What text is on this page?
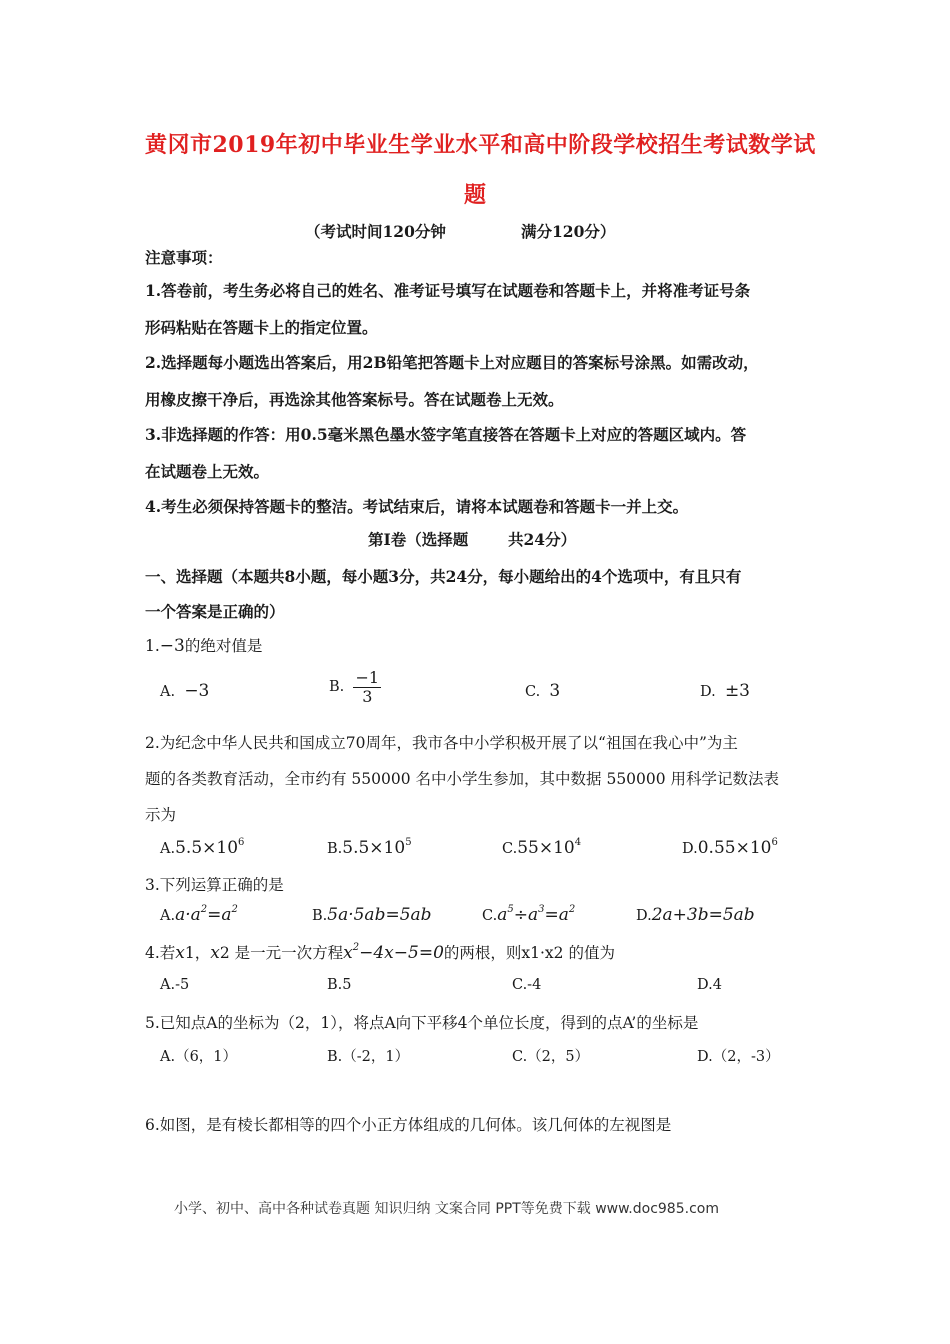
黄冈市2019年初中毕业生学业水平和高中阶段学校招生考试数学试
题
（考试时间120分钟	满分120分）
注意事项：
1.答卷前，考生务必将自己的姓名、准考证号填写在试题卷和答题卡上，并将准考证号条
形码粘贴在答题卡上的指定位置。
2.选择题每小题选出答案后，用2B铅笔把答题卡上对应题目的答案标号涂黑。如需改动，
用橡皮擦干净后，再选涂其他答案标号。答在试题卷上无效。
3.非选择题的作答：用0.5毫米黑色墨水签字笔直接答在答题卡上对应的答题区域内。答
在试题卷上无效。
4.考生必须保持答题卡的整洁。考试结束后，请将本试题卷和答题卡一并上交。
第Ⅰ卷（选择题	共24分）
一、选择题（本题共8小题，每小题3分，共24分，每小题给出的4个选项中，有且只有
一个答案是正确的）
1.−3的绝对值是
A. −3	B. $\frac{-1}{3}$	C. 3	D. ±3
2.为纪念中华人民共和国成立70周年，我市各中小学积极开展了以“祖国在我心中”为主
题的各类教育活动，全市约有 550000 名中小学生参加，其中数据 550000 用科学记数法表
示为
$A.5.5\times 10^6$	$B.5.5\times 10^5$	$C.55\times 10^4$	$D.0.55\times 10^6$
3.下列运算正确的是
$A.a\cdot a^2=a^2$	B.5a·5ab=5ab	$C.a^5\div a^3=a^2$	D.2a+3b=5ab
4.若x1，x2 是一元一次方程$x^2-4x-5=0$的两根，则x1·x2 的值为
A.-5	B.5	C.-4	D.4
5.已知点A的坐标为（2，1），将点A向下平移4个单位长度，得到的点A’的坐标是
A.（6，1）	B.（-2，1）	C.（2，5）	D.（2，-3）
6.如图，是有棱长都相等的四个小正方体组成的几何体。该几何体的左视图是
小学、初中、高中各种试卷真题 知识归纳 文案合同 PPT等免费下载 www.doc985.com
